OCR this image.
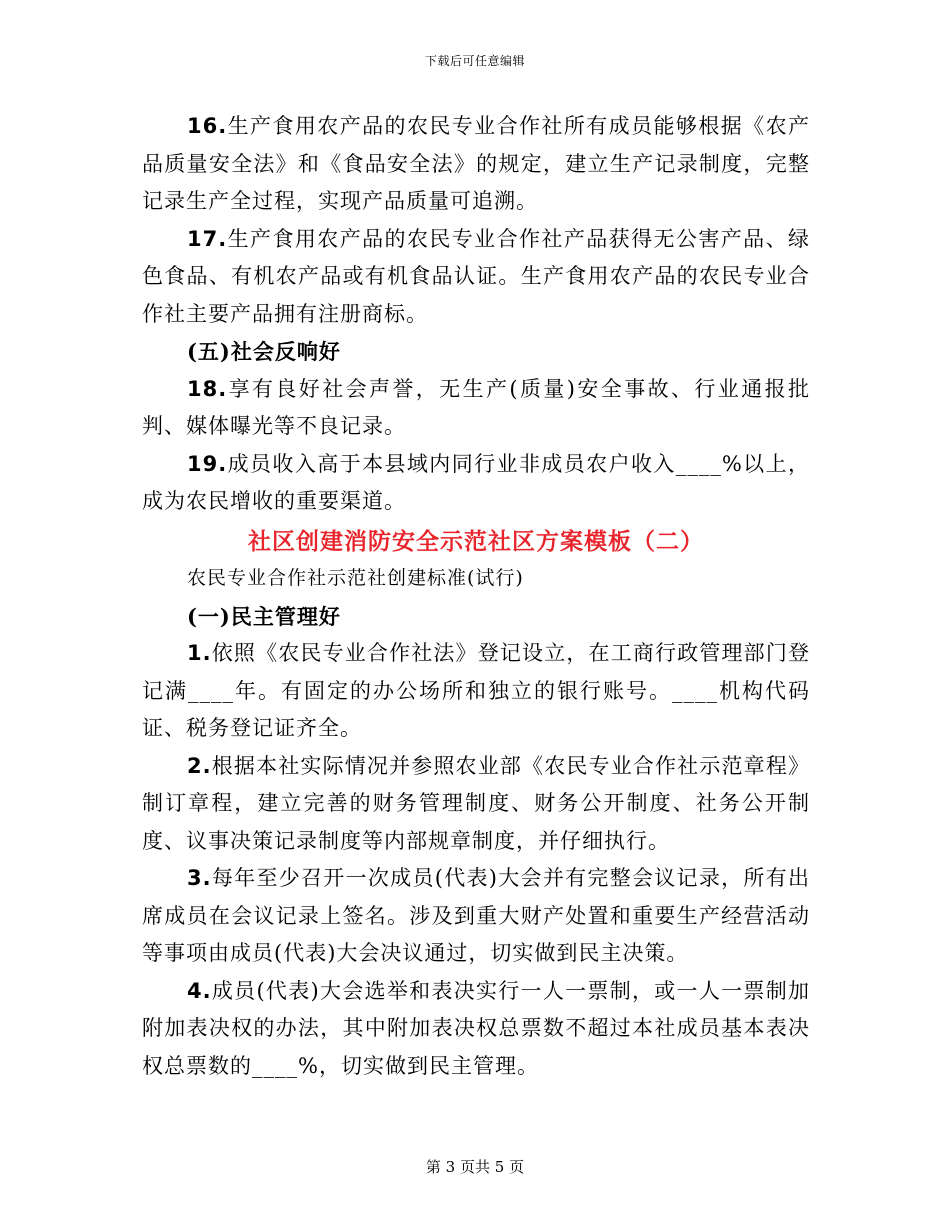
下载后可任意编辑

16.生产食用农产品的农民专业合作社所有成员能够根据《农产品质量安全法》和《食品安全法》的规定，建立生产记录制度，完整记录生产全过程，实现产品质量可追溯。

17.生产食用农产品的农民专业合作社产品获得无公害产品、绿色食品、有机农产品或有机食品认证。生产食用农产品的农民专业合作社主要产品拥有注册商标。

(五)社会反响好

18.享有良好社会声誉，无生产(质量)安全事故、行业通报批判、媒体曝光等不良记录。

19.成员收入高于本县域内同行业非成员农户收入____%以上，成为农民增收的重要渠道。

社区创建消防安全示范社区方案模板（二）

农民专业合作社示范社创建标准(试行)

(一)民主管理好

1.依照《农民专业合作社法》登记设立，在工商行政管理部门登记满____年。有固定的办公场所和独立的银行账号。____机构代码证、税务登记证齐全。

2.根据本社实际情况并参照农业部《农民专业合作社示范章程》制订章程，建立完善的财务管理制度、财务公开制度、社务公开制度、议事决策记录制度等内部规章制度，并仔细执行。

3.每年至少召开一次成员(代表)大会并有完整会议记录，所有出席成员在会议记录上签名。涉及到重大财产处置和重要生产经营活动等事项由成员(代表)大会决议通过，切实做到民主决策。

4.成员(代表)大会选举和表决实行一人一票制，或一人一票制加附加表决权的办法，其中附加表决权总票数不超过本社成员基本表决权总票数的____%，切实做到民主管理。

第 3 页共 5 页
